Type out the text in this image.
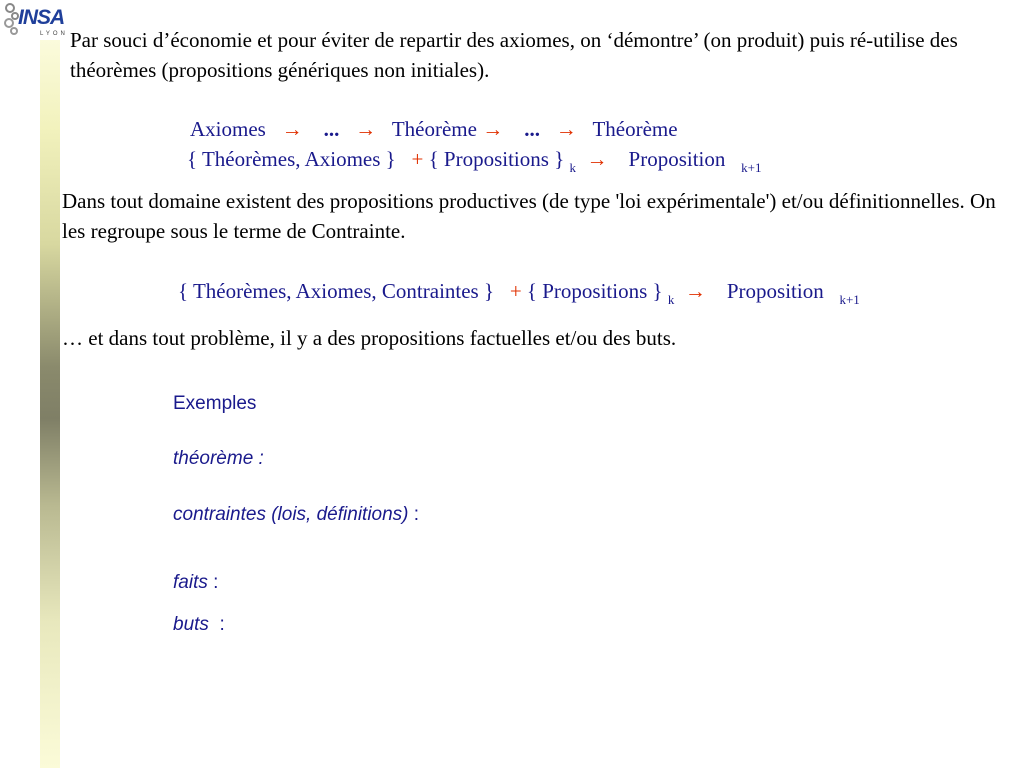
INSA
LYON Par souci d’économie et pour éviter de repartir des axiomes, on ‘démontre’ (on produit) puis ré-utilise des théorèmes (propositions génériques non initiales).

Axiomes → ... → Théorème → ... → Théorème
{ Théorèmes, Axiomes } + { Propositions } k → Proposition k+1

Dans tout domaine existent des propositions productives (de type 'loi expérimentale') et/ou définitionnelles. On les regroupe sous le terme de Contrainte.

{ Théorèmes, Axiomes, Contraintes } + { Propositions } k → Proposition k+1

… et dans tout problème, il y a des propositions factuelles et/ou des buts.

Exemples
théorème :
contraintes (lois, définitions) :
faits :
buts  :
